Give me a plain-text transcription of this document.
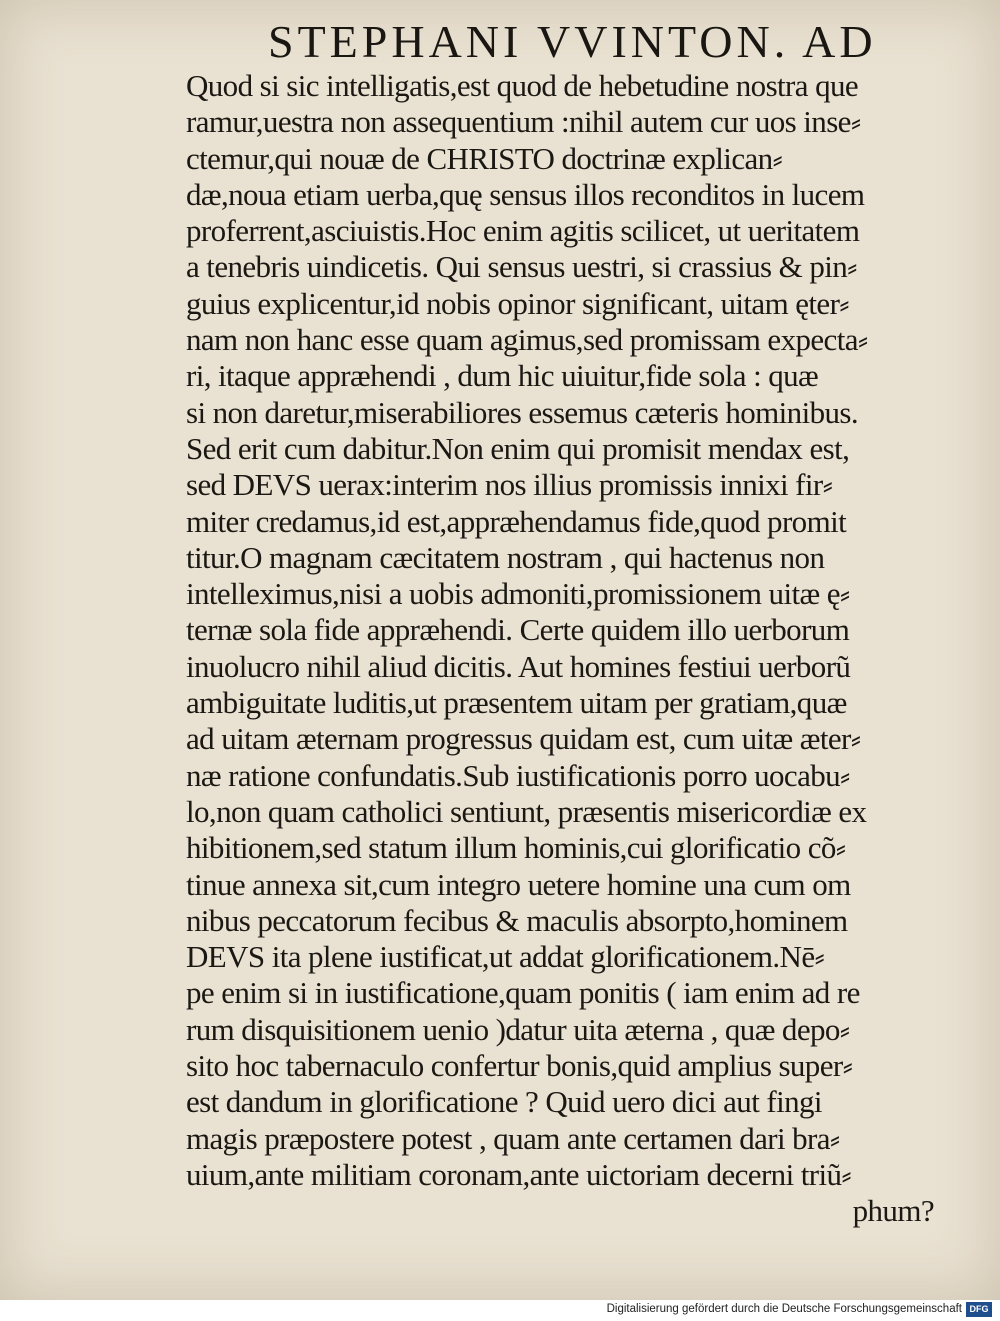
STEPHANI VVINTON. AD
Quod si sic intelligatis,est quod de hebetudine nostra que
ramur,uestra non assequentium :nihil autem cur uos inse⸗
ctemur,qui nouæ de CHRISTO doctrinæ explican⸗
dæ,noua etiam uerba,quę sensus illos reconditos in lucem
proferrent,asciuistis.Hoc enim agitis scilicet, ut ueritatem
a tenebris uindicetis. Qui sensus uestri, si crassius & pin⸗
guius explicentur,id nobis opinor significant, uitam ęter⸗
nam non hanc esse quam agimus,sed promissam expecta⸗
ri, itaque appræhendi , dum hic uiuitur,fide sola : quæ
si non daretur,miserabiliores essemus cæteris hominibus.
Sed erit cum dabitur.Non enim qui promisit mendax est,
sed DEVS uerax:interim nos illius promissis innixi fir⸗
miter credamus,id est,appræhendamus fide,quod promit
titur.O magnam cæcitatem nostram , qui hactenus non
intelleximus,nisi a uobis admoniti,promissionem uitæ ę⸗
ternæ sola fide appræhendi. Certe quidem illo uerborum
inuolucro nihil aliud dicitis. Aut homines festiui uerborũ
ambiguitate luditis,ut præsentem uitam per gratiam,quæ
ad uitam æternam progressus quidam est, cum uitæ æter⸗
næ ratione confundatis.Sub iustificationis porro uocabu⸗
lo,non quam catholici sentiunt, præsentis misericordiæ ex
hibitionem,sed statum illum hominis,cui glorificatio cõ⸗
tinue annexa sit,cum integro uetere homine una cum om
nibus peccatorum fecibus & maculis absorpto,hominem
DEVS ita plene iustificat,ut addat glorificationem.Nē⸗
pe enim si in iustificatione,quam ponitis ( iam enim ad re
rum disquisitionem uenio )datur uita æterna , quæ depo⸗
sito hoc tabernaculo confertur bonis,quid amplius super⸗
est dandum in glorificatione ? Quid uero dici aut fingi
magis præpostere potest , quam ante certamen dari bra⸗
uium,ante militiam coronam,ante uictoriam decerni triũ⸗
phum?
Digitalisierung gefördert durch die Deutsche Forschungsgemeinschaft DFG
